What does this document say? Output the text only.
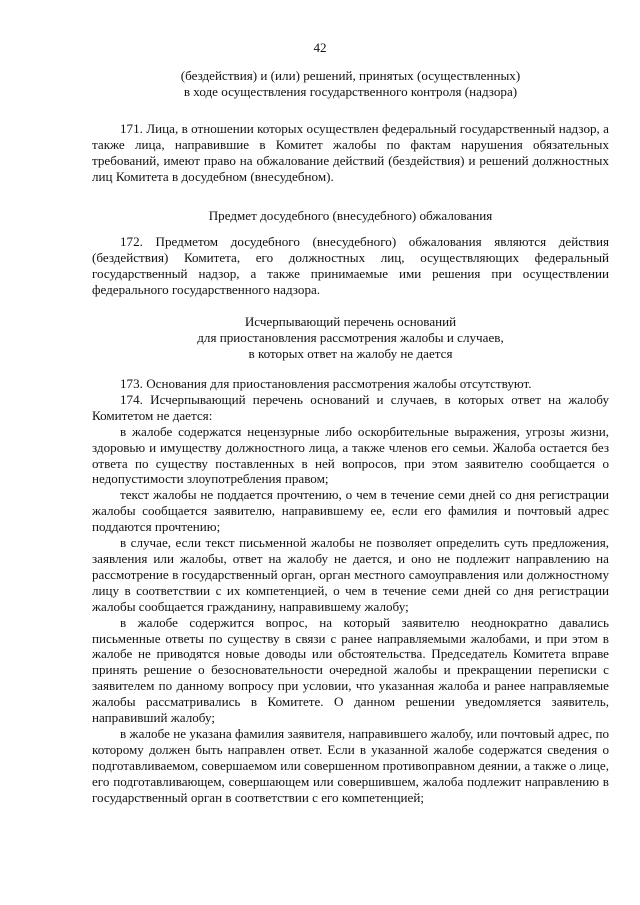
42

(бездействия) и (или) решений, принятых (осуществленных)

в ходе осуществления государственного контроля (надзора)

171. Лица, в отношении которых осуществлен федеральный государственный надзор, а также лица, направившие в Комитет жалобы по фактам нарушения обязательных требований, имеют право на обжалование действий (бездействия) и решений должностных лиц Комитета в досудебном (внесудебном).

Предмет досудебного (внесудебного) обжалования

172. Предметом досудебного (внесудебного) обжалования являются действия (бездействия) Комитета, его должностных лиц, осуществляющих федеральный государственный надзор, а также принимаемые ими решения при осуществлении федерального государственного надзора.

Исчерпывающий перечень оснований

для приостановления рассмотрения жалобы и случаев,

в которых ответ на жалобу не дается

173. Основания для приостановления рассмотрения жалобы отсутствуют.

174. Исчерпывающий перечень оснований и случаев, в которых ответ на жалобу Комитетом не дается:

в жалобе содержатся нецензурные либо оскорбительные выражения, угрозы жизни, здоровью и имуществу должностного лица, а также членов его семьи. Жалоба остается без ответа по существу поставленных в ней вопросов, при этом заявителю сообщается о недопустимости злоупотребления правом;

текст жалобы не поддается прочтению, о чем в течение семи дней со дня регистрации жалобы сообщается заявителю, направившему ее, если его фамилия и почтовый адрес поддаются прочтению;

в случае, если текст письменной жалобы не позволяет определить суть предложения, заявления или жалобы, ответ на жалобу не дается, и оно не подлежит направлению на рассмотрение в государственный орган, орган местного самоуправления или должностному лицу в соответствии с их компетенцией, о чем в течение семи дней со дня регистрации жалобы сообщается гражданину, направившему жалобу;

в жалобе содержится вопрос, на который заявителю неоднократно давались письменные ответы по существу в связи с ранее направляемыми жалобами, и при этом в жалобе не приводятся новые доводы или обстоятельства. Председатель Комитета вправе принять решение о безосновательности очередной жалобы и прекращении переписки с заявителем по данному вопросу при условии, что указанная жалоба и ранее направляемые жалобы рассматривались в Комитете. О данном решении уведомляется заявитель, направивший жалобу;

в жалобе не указана фамилия заявителя, направившего жалобу, или почтовый адрес, по которому должен быть направлен ответ. Если в указанной жалобе содержатся сведения о подготавливаемом, совершаемом или совершенном противоправном деянии, а также о лице, его подготавливающем, совершающем или совершившем, жалоба подлежит направлению в государственный орган в соответствии с его компетенцией;
